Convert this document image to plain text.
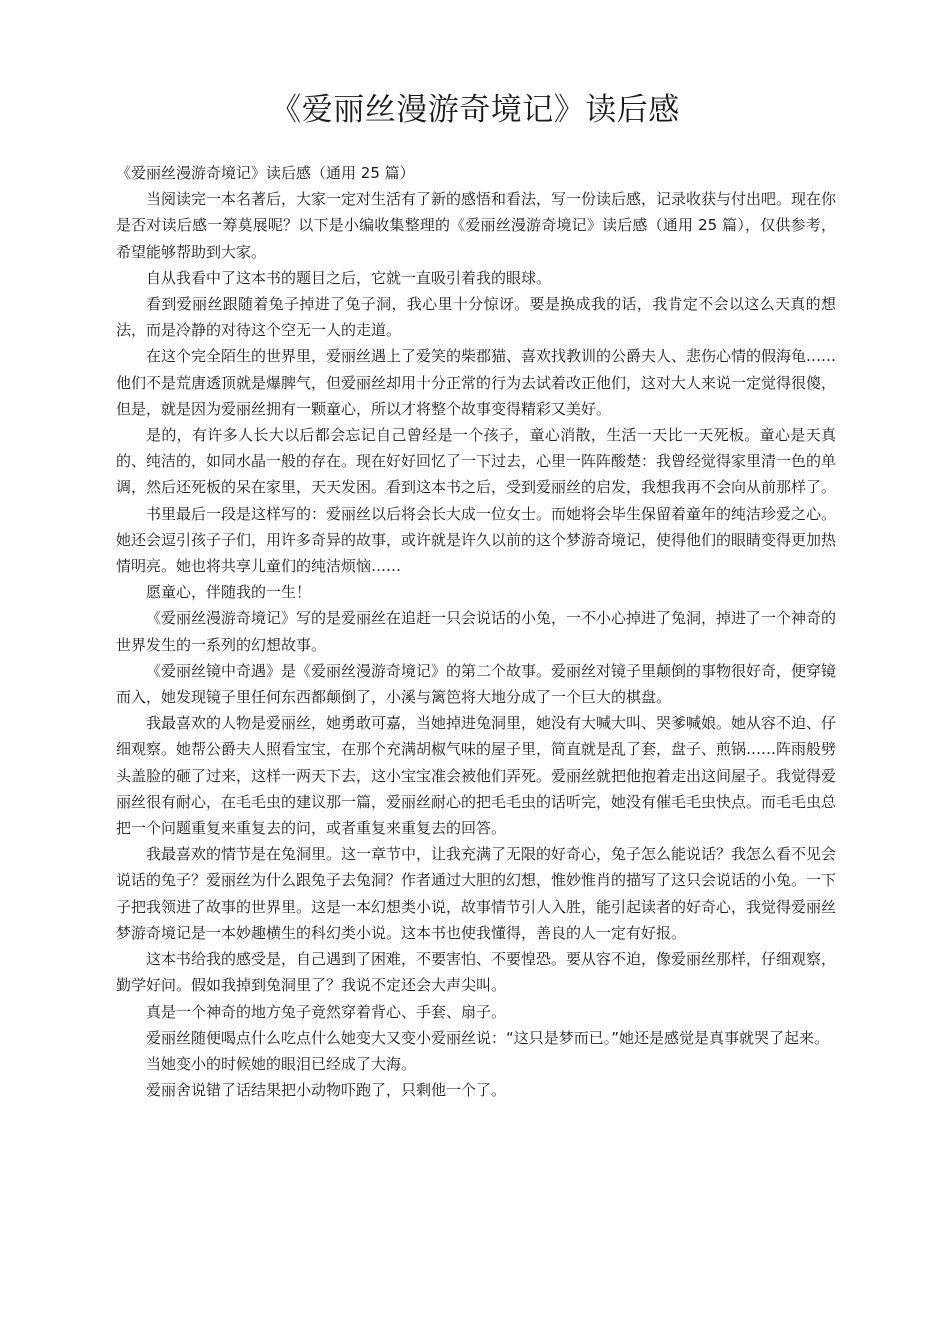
《爱丽丝漫游奇境记》读后感

《爱丽丝漫游奇境记》读后感（通用 25 篇）

当阅读完一本名著后，大家一定对生活有了新的感悟和看法，写一份读后感，记录收获与付出吧。现在你是否对读后感一筹莫展呢？以下是小编收集整理的《爱丽丝漫游奇境记》读后感（通用 25 篇），仅供参考，希望能够帮助到大家。

自从我看中了这本书的题目之后，它就一直吸引着我的眼球。

看到爱丽丝跟随着兔子掉进了兔子洞，我心里十分惊讶。要是换成我的话，我肯定不会以这么天真的想法，而是冷静的对待这个空无一人的走道。

在这个完全陌生的世界里，爱丽丝遇上了爱笑的柴郡猫、喜欢找教训的公爵夫人、悲伤心情的假海龟……他们不是荒唐透顶就是爆脾气，但爱丽丝却用十分正常的行为去试着改正他们，这对大人来说一定觉得很傻，但是，就是因为爱丽丝拥有一颗童心，所以才将整个故事变得精彩又美好。

是的，有许多人长大以后都会忘记自己曾经是一个孩子，童心消散，生活一天比一天死板。童心是天真的、纯洁的，如同水晶一般的存在。现在好好回忆了一下过去，心里一阵阵酸楚：我曾经觉得家里清一色的单调，然后还死板的呆在家里，天天发困。看到这本书之后，受到爱丽丝的启发，我想我再不会向从前那样了。

书里最后一段是这样写的：爱丽丝以后将会长大成一位女士。而她将会毕生保留着童年的纯洁珍爱之心。她还会逗引孩子子们，用许多奇异的故事，或许就是许久以前的这个梦游奇境记，使得他们的眼睛变得更加热情明亮。她也将共享儿童们的纯洁烦恼……

愿童心，伴随我的一生！

《爱丽丝漫游奇境记》写的是爱丽丝在追赶一只会说话的小兔，一不小心掉进了兔洞，掉进了一个神奇的世界发生的一系列的幻想故事。

《爱丽丝镜中奇遇》是《爱丽丝漫游奇境记》的第二个故事。爱丽丝对镜子里颠倒的事物很好奇，便穿镜而入，她发现镜子里任何东西都颠倒了，小溪与篱笆将大地分成了一个巨大的棋盘。

我最喜欢的人物是爱丽丝，她勇敢可嘉，当她掉进兔洞里，她没有大喊大叫、哭爹喊娘。她从容不迫、仔细观察。她帮公爵夫人照看宝宝，在那个充满胡椒气味的屋子里，简直就是乱了套，盘子、煎锅……阵雨般劈头盖脸的砸了过来，这样一两天下去，这小宝宝准会被他们弄死。爱丽丝就把他抱着走出这间屋子。我觉得爱丽丝很有耐心，在毛毛虫的建议那一篇，爱丽丝耐心的把毛毛虫的话听完，她没有催毛毛虫快点。而毛毛虫总把一个问题重复来重复去的问，或者重复来重复去的回答。

我最喜欢的情节是在兔洞里。这一章节中，让我充满了无限的好奇心，兔子怎么能说话？我怎么看不见会说话的兔子？爱丽丝为什么跟兔子去兔洞？作者通过大胆的幻想，惟妙惟肖的描写了这只会说话的小兔。一下子把我领进了故事的世界里。这是一本幻想类小说，故事情节引人入胜，能引起读者的好奇心，我觉得爱丽丝梦游奇境记是一本妙趣横生的科幻类小说。这本书也使我懂得，善良的人一定有好报。

这本书给我的感受是，自己遇到了困难，不要害怕、不要惶恐。要从容不迫，像爱丽丝那样，仔细观察，勤学好问。假如我掉到兔洞里了？我说不定还会大声尖叫。

真是一个神奇的地方兔子竟然穿着背心、手套、扇子。

爱丽丝随便喝点什么吃点什么她变大又变小爱丽丝说：“这只是梦而已。”她还是感觉是真事就哭了起来。

当她变小的时候她的眼泪已经成了大海。

爱丽舍说错了话结果把小动物吓跑了，只剩他一个了。
